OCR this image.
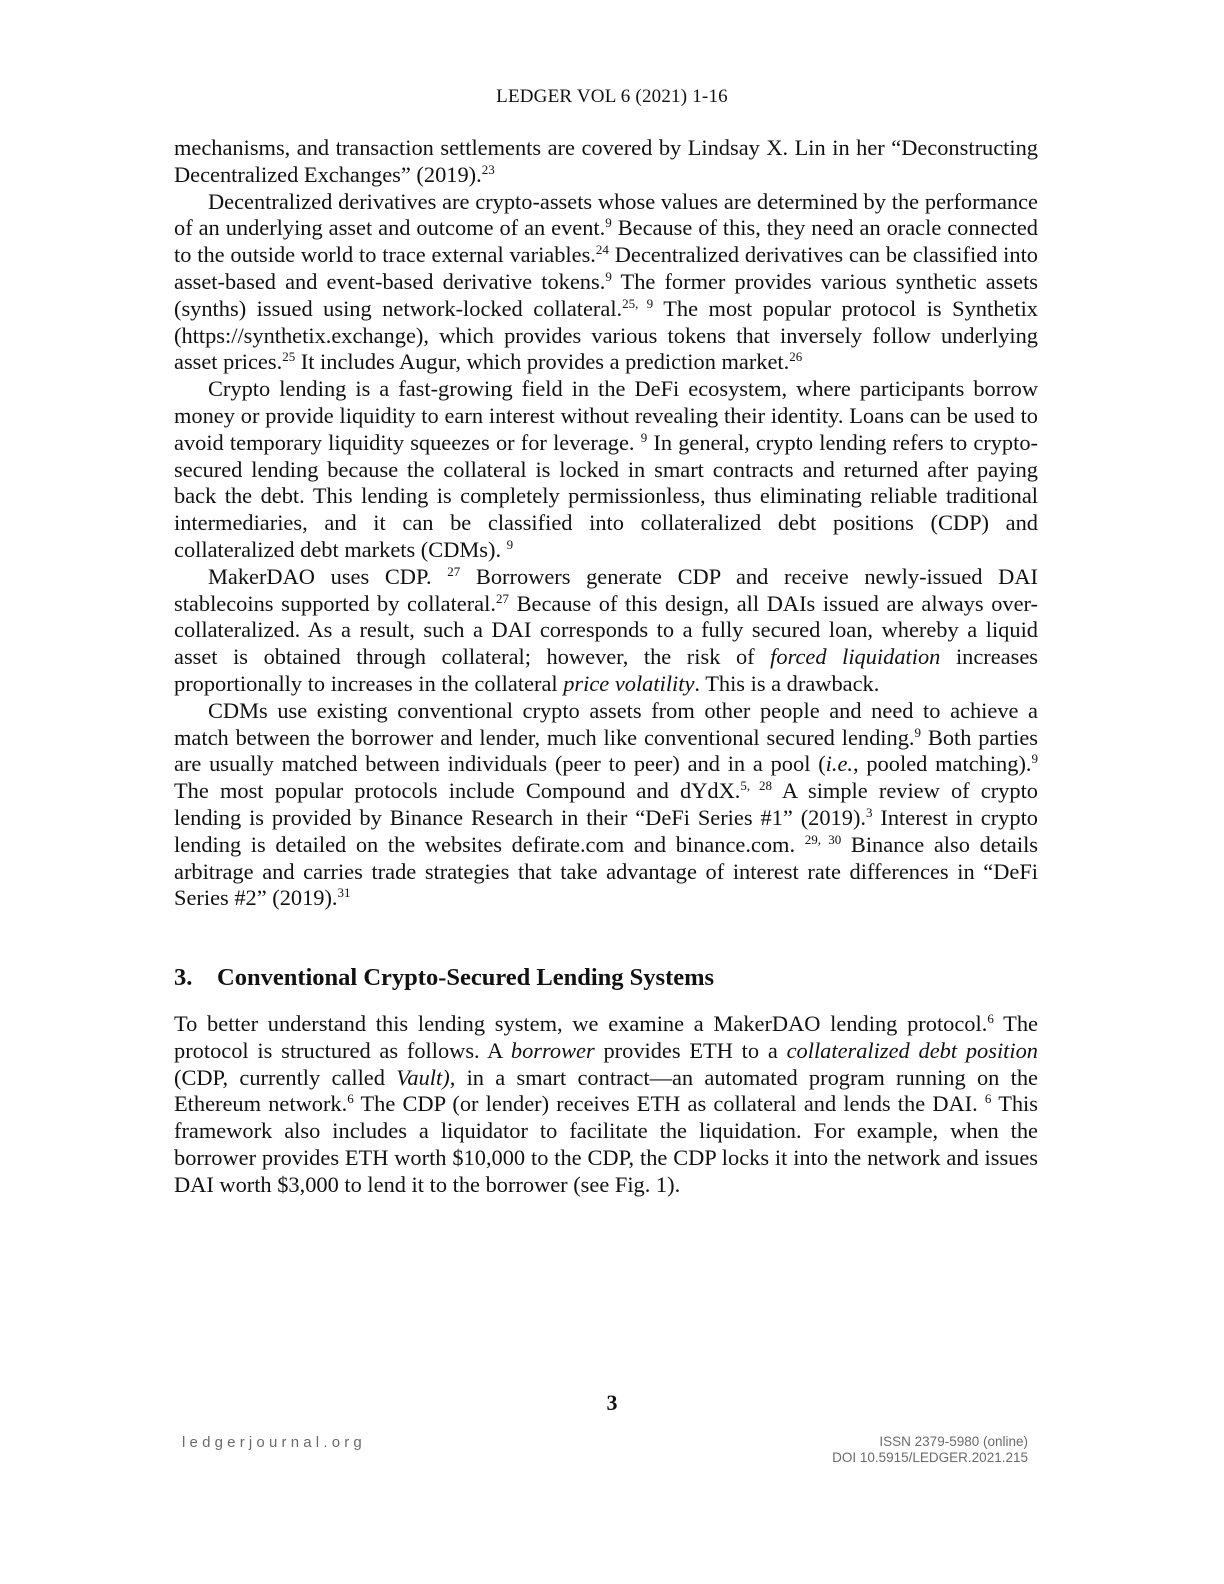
LEDGER VOL 6 (2021) 1-16

mechanisms, and transaction settlements are covered by Lindsay X. Lin in her “Deconstructing Decentralized Exchanges” (2019).$^{23}$

Decentralized derivatives are crypto-assets whose values are determined by the performance of an underlying asset and outcome of an event.$^9$ Because of this, they need an oracle connected to the outside world to trace external variables.$^{24}$ Decentralized derivatives can be classified into asset-based and event-based derivative tokens.$^9$ The former provides various synthetic assets (synths) issued using network-locked collateral.$^{25, 9}$ The most popular protocol is Synthetix (https://synthetix.exchange), which provides various tokens that inversely follow underlying asset prices.$^{25}$ It includes Augur, which provides a prediction market.$^{26}$

Crypto lending is a fast-growing field in the DeFi ecosystem, where participants borrow money or provide liquidity to earn interest without revealing their identity. Loans can be used to avoid temporary liquidity squeezes or for leverage. $^9$ In general, crypto lending refers to crypto-secured lending because the collateral is locked in smart contracts and returned after paying back the debt. This lending is completely permissionless, thus eliminating reliable traditional intermediaries, and it can be classified into collateralized debt positions (CDP) and collateralized debt markets (CDMs). $^9$

MakerDAO uses CDP. $^{27}$ Borrowers generate CDP and receive newly-issued DAI stablecoins supported by collateral.$^{27}$ Because of this design, all DAIs issued are always over-collateralized. As a result, such a DAI corresponds to a fully secured loan, whereby a liquid asset is obtained through collateral; however, the risk of forced liquidation increases proportionally to increases in the collateral price volatility. This is a drawback.

CDMs use existing conventional crypto assets from other people and need to achieve a match between the borrower and lender, much like conventional secured lending.$^9$ Both parties are usually matched between individuals (peer to peer) and in a pool (i.e., pooled matching).$^9$ The most popular protocols include Compound and dYdX.$^{5, 28}$ A simple review of crypto lending is provided by Binance Research in their “DeFi Series #1” (2019).$^3$ Interest in crypto lending is detailed on the websites defirate.com and binance.com. $^{29, 30}$ Binance also details arbitrage and carries trade strategies that take advantage of interest rate differences in “DeFi Series #2” (2019).$^{31}$

3. Conventional Crypto-Secured Lending Systems

To better understand this lending system, we examine a MakerDAO lending protocol.$^6$ The protocol is structured as follows. A borrower provides ETH to a collateralized debt position (CDP, currently called Vault), in a smart contract—an automated program running on the Ethereum network.$^6$ The CDP (or lender) receives ETH as collateral and lends the DAI. $^6$ This framework also includes a liquidator to facilitate the liquidation. For example, when the borrower provides ETH worth $10,000 to the CDP, the CDP locks it into the network and issues DAI worth $3,000 to lend it to the borrower (see Fig. 1).

3
ledgerjournal.org	ISSN 2379-5980 (online)
DOI 10.5915/LEDGER.2021.215
